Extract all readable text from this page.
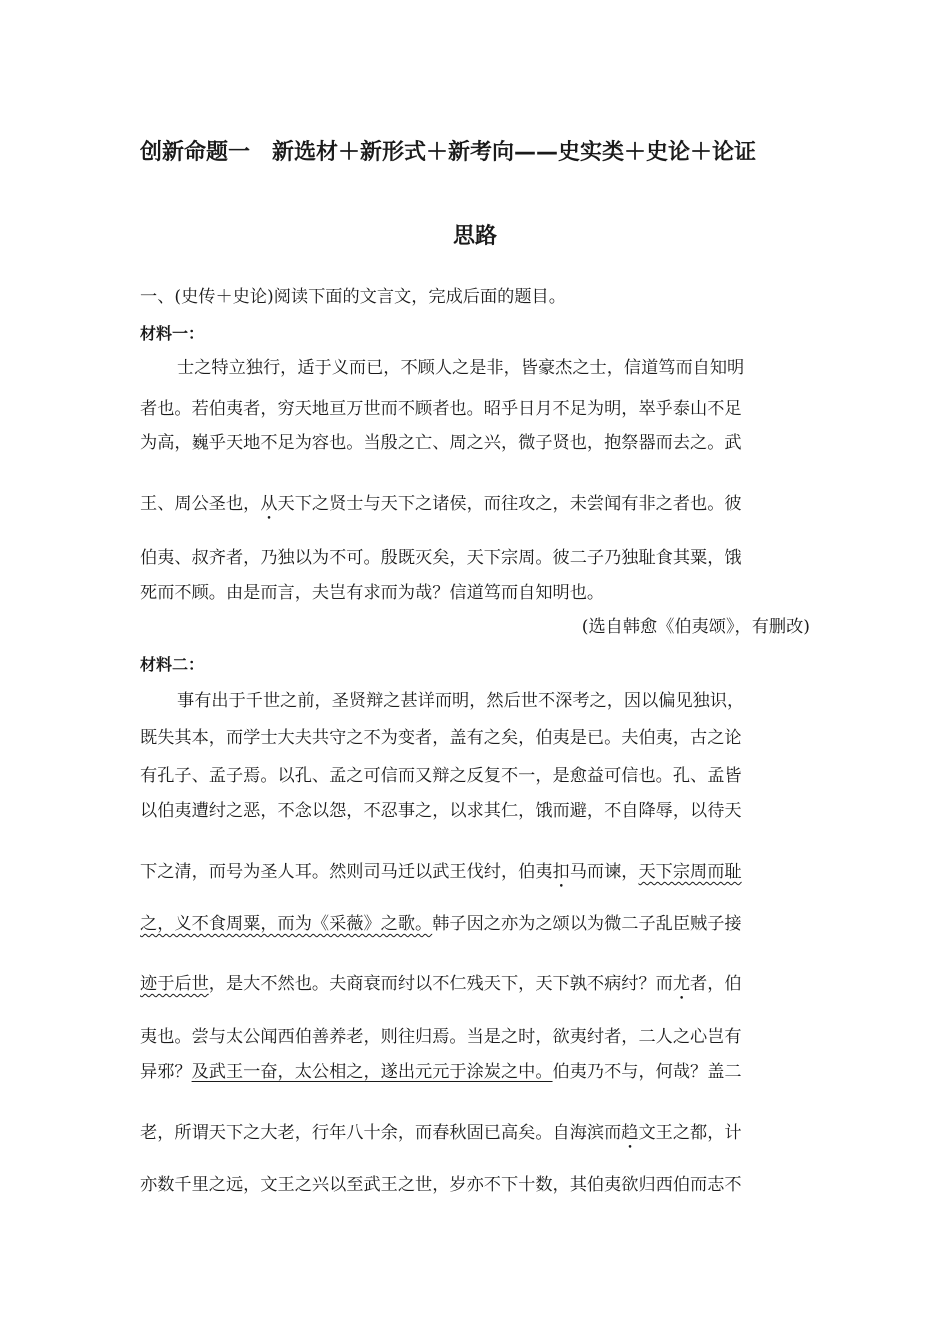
创新命题一　新选材＋新形式＋新考向——史实类＋史论＋论证
思路
一、(史传＋史论)阅读下面的文言文，完成后面的题目。
材料一：
士之特立独行，适于义而已，不顾人之是非，皆豪杰之士，信道笃而自知明
者也。若伯夷者，穷天地亘万世而不顾者也。昭乎日月不足为明，崒乎泰山不足
为高，巍乎天地不足为容也。当殷之亡、周之兴，微子贤也，抱祭器而去之。武
王、周公圣也，从天下之贤士与天下之诸侯，而往攻之，未尝闻有非之者也。彼
伯夷、叔齐者，乃独以为不可。殷既灭矣，天下宗周。彼二子乃独耻食其粟，饿
死而不顾。由是而言，夫岂有求而为哉？信道笃而自知明也。
(选自韩愈《伯夷颂》，有删改)
材料二：
事有出于千世之前，圣贤辩之甚详而明，然后世不深考之，因以偏见独识，
既失其本，而学士大夫共守之不为变者，盖有之矣，伯夷是已。夫伯夷，古之论
有孔子、孟子焉。以孔、孟之可信而又辩之反复不一，是愈益可信也。孔、孟皆
以伯夷遭纣之恶，不念以怨，不忍事之，以求其仁，饿而避，不自降辱，以待天
下之清，而号为圣人耳。然则司马迁以武王伐纣，伯夷扣马而谏，天下宗周而耻
之，义不食周粟，而为《采薇》之歌。韩子因之亦为之颂以为微二子乱臣贼子接
迹于后世，是大不然也。夫商衰而纣以不仁残天下，天下孰不病纣？而尤者，伯
夷也。尝与太公闻西伯善养老，则往归焉。当是之时，欲夷纣者，二人之心岂有
异邪？及武王一奋，太公相之，遂出元元于涂炭之中。伯夷乃不与，何哉？盖二
老，所谓天下之大老，行年八十余，而春秋固已高矣。自海滨而趋文王之都，计
亦数千里之远，文王之兴以至武王之世，岁亦不下十数，其伯夷欲归西伯而志不
